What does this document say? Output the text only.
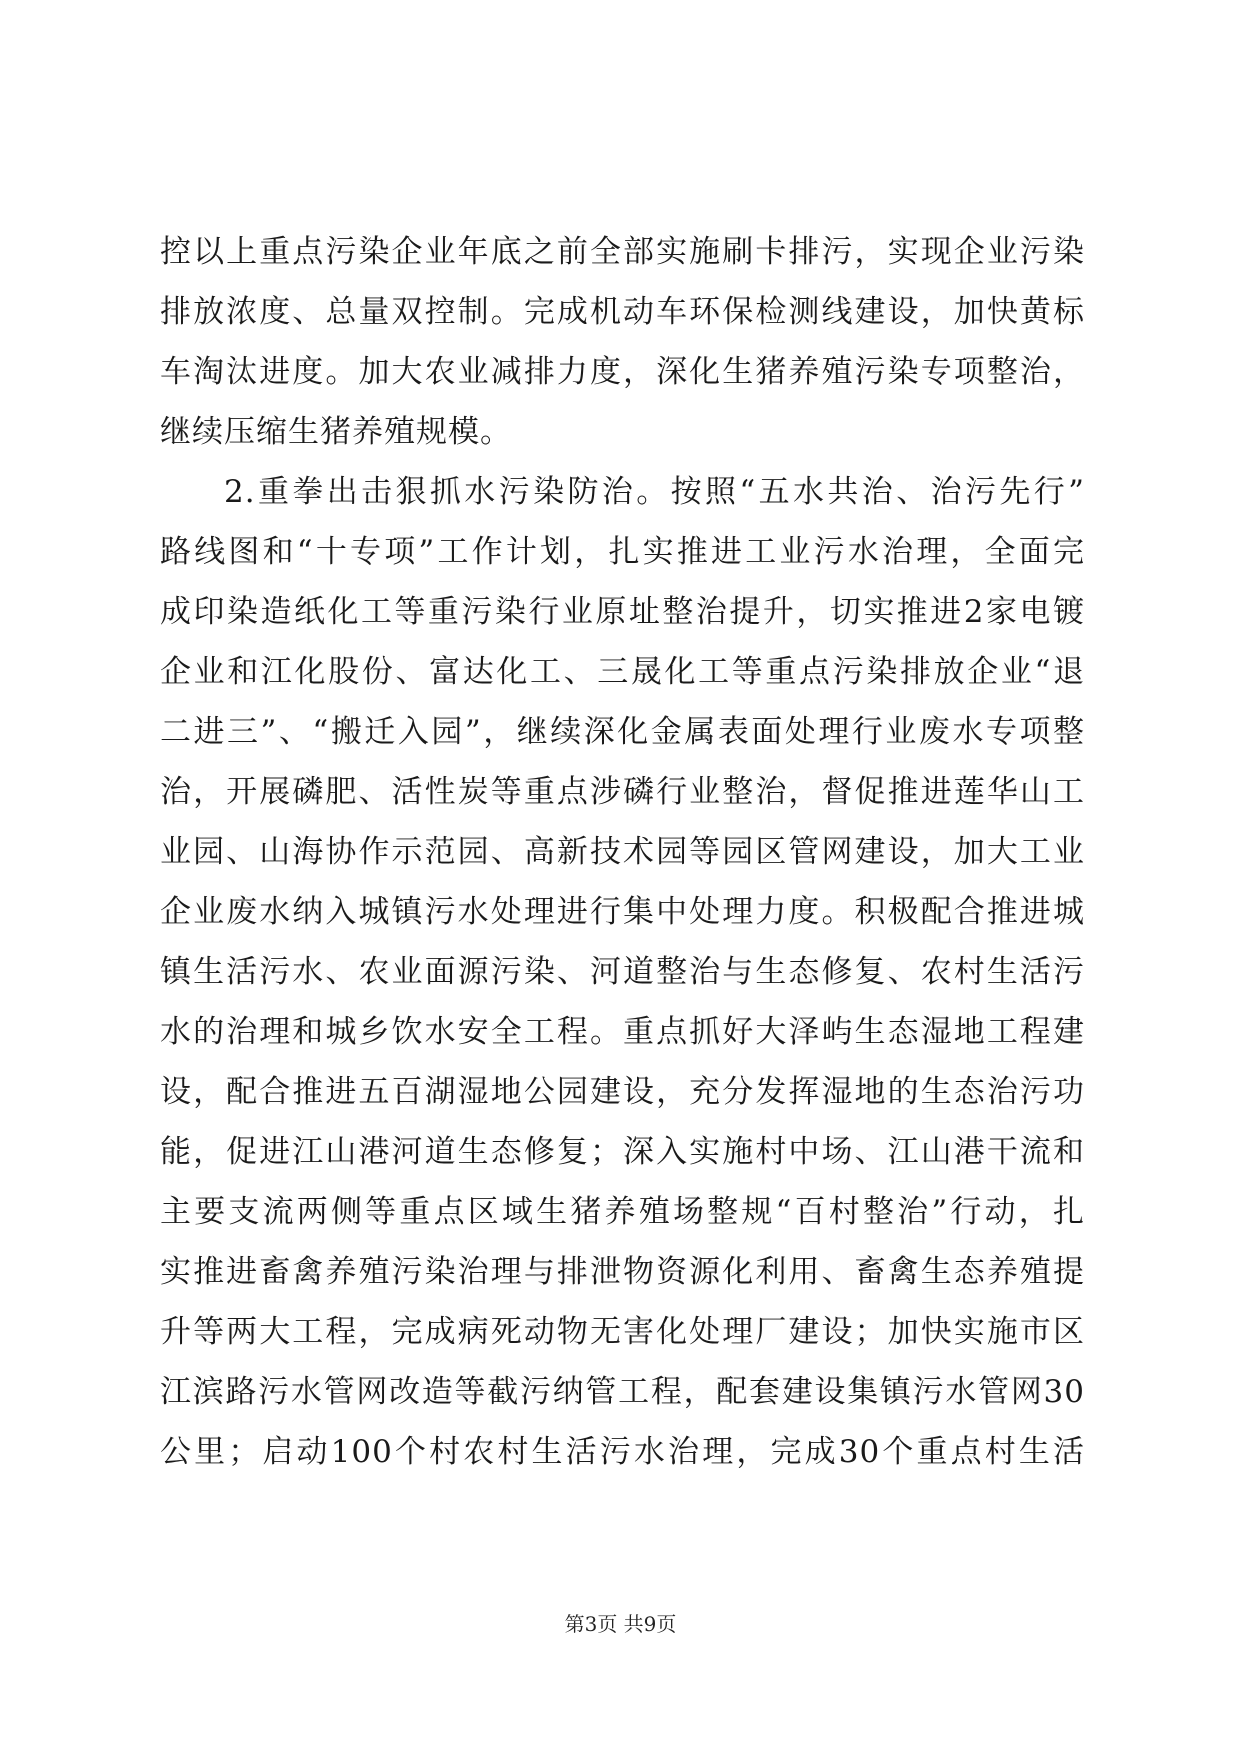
控以上重点污染企业年底之前全部实施刷卡排污，实现企业污染
排放浓度、总量双控制。完成机动车环保检测线建设，加快黄标
车淘汰进度。加大农业减排力度，深化生猪养殖污染专项整治，
继续压缩生猪养殖规模。
2.重拳出击狠抓水污染防治。按照“五水共治、治污先行”
路线图和“十专项”工作计划，扎实推进工业污水治理，全面完
成印染造纸化工等重污染行业原址整治提升，切实推进2家电镀
企业和江化股份、富达化工、三晟化工等重点污染排放企业“退
二进三”、“搬迁入园”，继续深化金属表面处理行业废水专项整
治，开展磷肥、活性炭等重点涉磷行业整治，督促推进莲华山工
业园、山海协作示范园、高新技术园等园区管网建设，加大工业
企业废水纳入城镇污水处理进行集中处理力度。积极配合推进城
镇生活污水、农业面源污染、河道整治与生态修复、农村生活污
水的治理和城乡饮水安全工程。重点抓好大泽屿生态湿地工程建
设，配合推进五百湖湿地公园建设，充分发挥湿地的生态治污功
能，促进江山港河道生态修复；深入实施村中场、江山港干流和
主要支流两侧等重点区域生猪养殖场整规“百村整治”行动，扎
实推进畜禽养殖污染治理与排泄物资源化利用、畜禽生态养殖提
升等两大工程，完成病死动物无害化处理厂建设；加快实施市区
江滨路污水管网改造等截污纳管工程，配套建设集镇污水管网30
公里；启动100个村农村生活污水治理，完成30个重点村生活
第3页 共9页
